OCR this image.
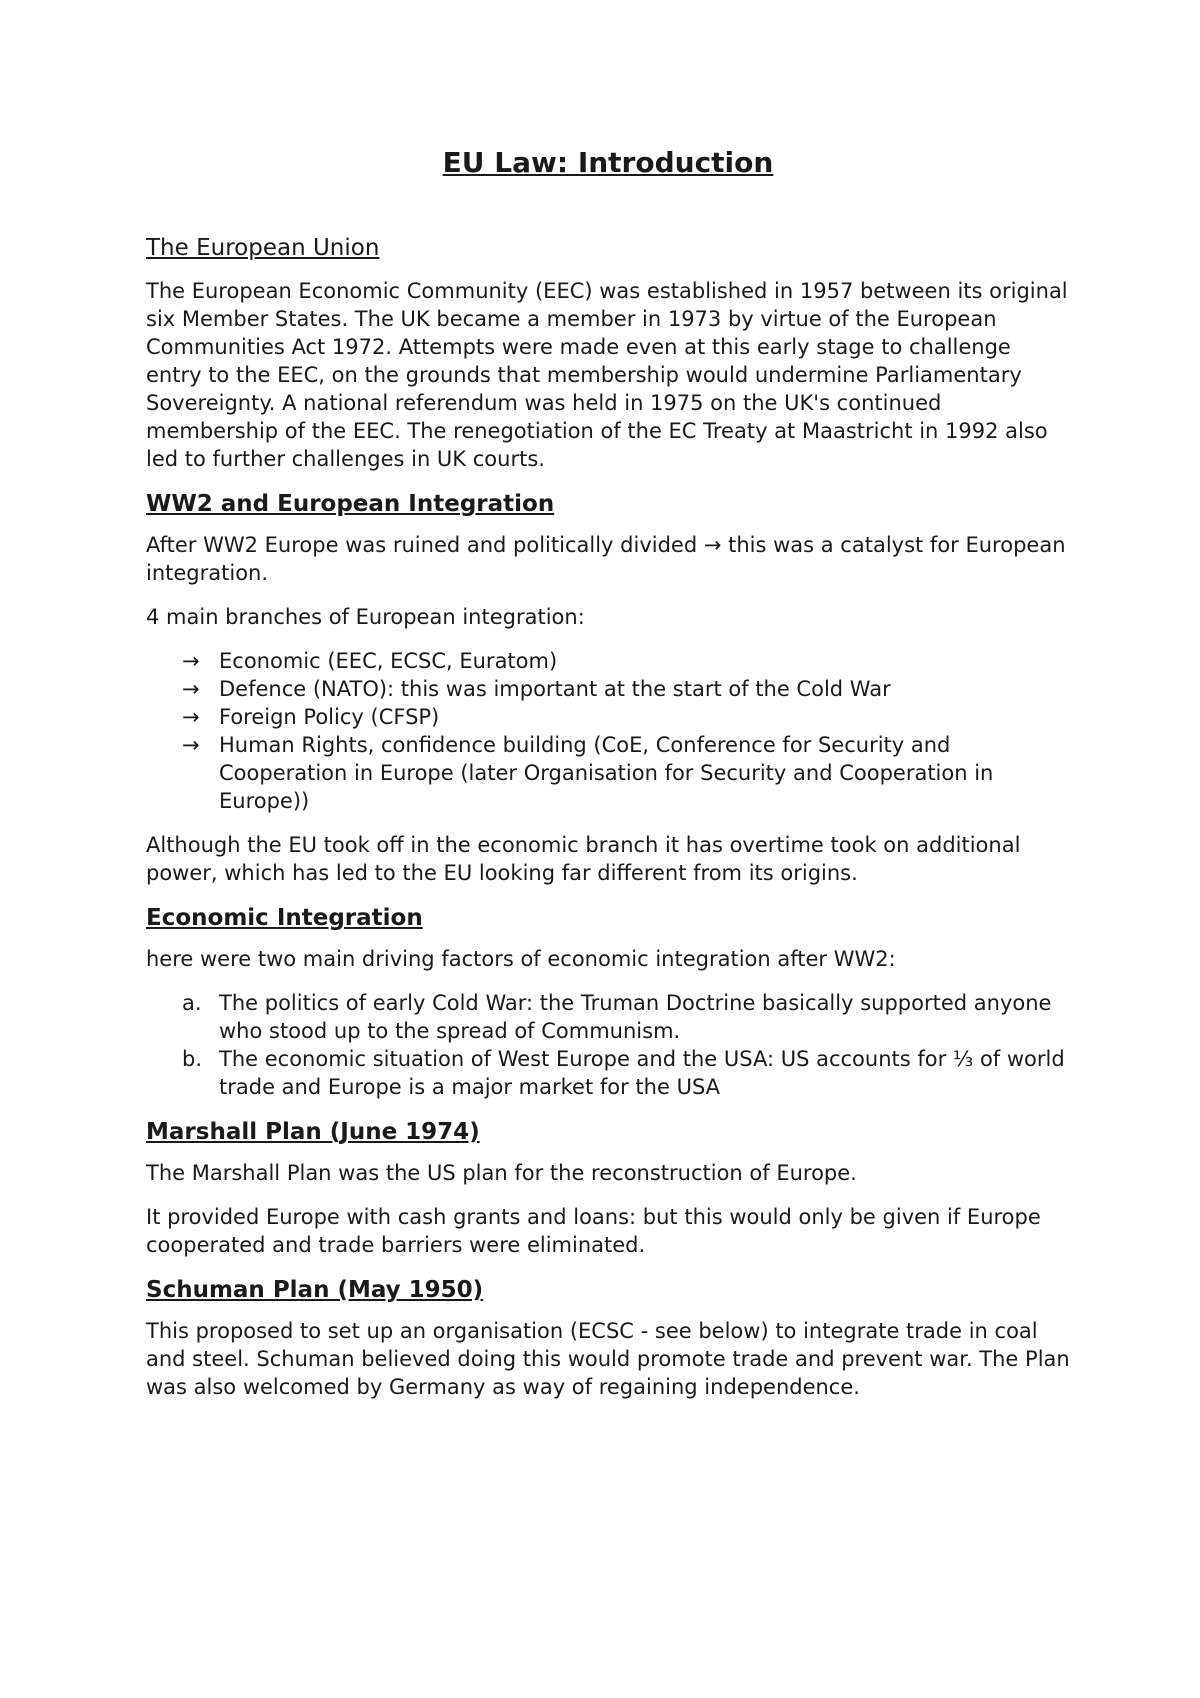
EU Law: Introduction
The European Union

The European Economic Community (EEC) was established in 1957 between its original six Member States. The UK became a member in 1973 by virtue of the European Communities Act 1972. Attempts were made even at this early stage to challenge entry to the EEC, on the grounds that membership would undermine Parliamentary Sovereignty. A national referendum was held in 1975 on the UK's continued membership of the EEC. The renegotiation of the EC Treaty at Maastricht in 1992 also led to further challenges in UK courts.

WW2 and European Integration

After WW2 Europe was ruined and politically divided → this was a catalyst for European integration.

4 main branches of European integration:

→ Economic (EEC, ECSC, Euratom)
→ Defence (NATO): this was important at the start of the Cold War
→ Foreign Policy (CFSP)
→ Human Rights, confidence building (CoE, Conference for Security and Cooperation in Europe (later Organisation for Security and Cooperation in Europe))

Although the EU took off in the economic branch it has overtime took on additional power, which has led to the EU looking far different from its origins.

Economic Integration

here were two main driving factors of economic integration after WW2:

a. The politics of early Cold War: the Truman Doctrine basically supported anyone who stood up to the spread of Communism.
b. The economic situation of West Europe and the USA: US accounts for ⅓ of world trade and Europe is a major market for the USA
Marshall Plan (June 1974)

The Marshall Plan was the US plan for the reconstruction of Europe.

It provided Europe with cash grants and loans: but this would only be given if Europe cooperated and trade barriers were eliminated.

Schuman Plan (May 1950)

This proposed to set up an organisation (ECSC - see below) to integrate trade in coal and steel. Schuman believed doing this would promote trade and prevent war. The Plan was also welcomed by Germany as way of regaining independence.
